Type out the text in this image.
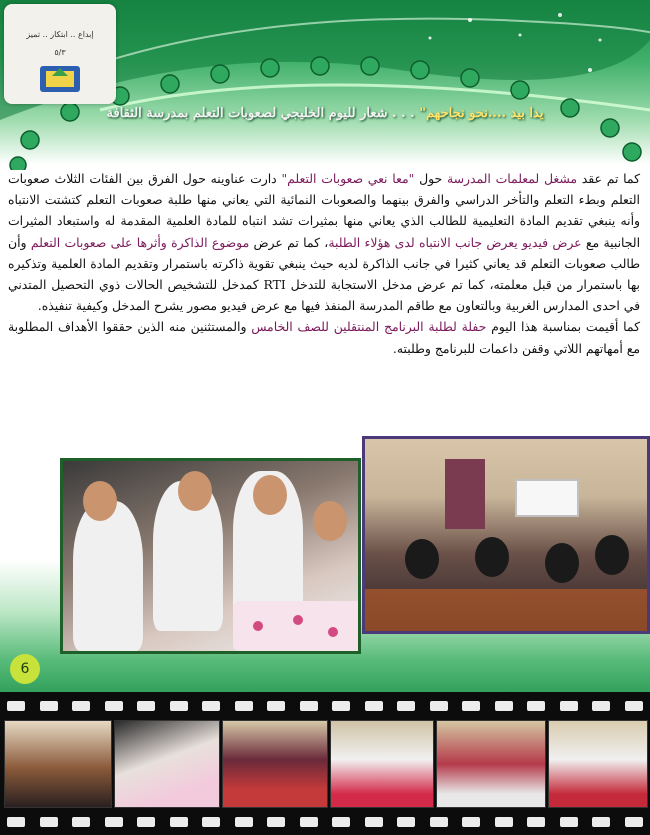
إبداع .. ابتكار .. تميز
٥/٣
يدا بيد ....نحو نجاحهم" . . . شعار لليوم الخليجي لصعوبات التعلم بمدرسة الثقافة

كما تم عقد مشغل لمعلمات المدرسة حول "معا نعي صعوبات التعلم" دارت عناوينه حول الفرق بين الفئات الثلاث صعوبات التعلم وبطء التعلم والتأخر الدراسي والفرق بينهما والصعوبات النمائية التي يعاني منها طلبة صعوبات التعلم كتشتت الانتباه وأنه ينبغي تقديم المادة التعليمية للطالب الذي يعاني منها بمثيرات تشد انتباه للمادة العلمية المقدمة له واستبعاد المثيرات الجانبية مع عرض فيديو يعرض جانب الانتباه لدى هؤلاء الطلبة، كما تم عرض موضوع الذاكرة وأثرها على صعوبات التعلم وأن طالب صعوبات التعلم قد يعاني كثيرا في جانب الذاكرة لديه حيث ينبغي تقوية ذاكرته باستمرار وتقديم المادة العلمية وتذكيره بها باستمرار من قبل معلمته، كما تم عرض مدخل الاستجابة للتدخل RTI كمدخل للتشخيص الحالات ذوي التحصيل المتدني في احدى المدارس الغربية وبالتعاون مع طاقم المدرسة المنفذ فيها مع عرض فيديو مصور يشرح المدخل وكيفية تنفيذه.

كما أقيمت بمناسبة هذا اليوم حفلة لطلبة البرنامج المنتقلين للصف الخامس والمستثنين منه الذين حققوا الأهداف المطلوبة مع أمهاتهم اللاتي وقفن داعمات للبرنامج وطلبته.

6
